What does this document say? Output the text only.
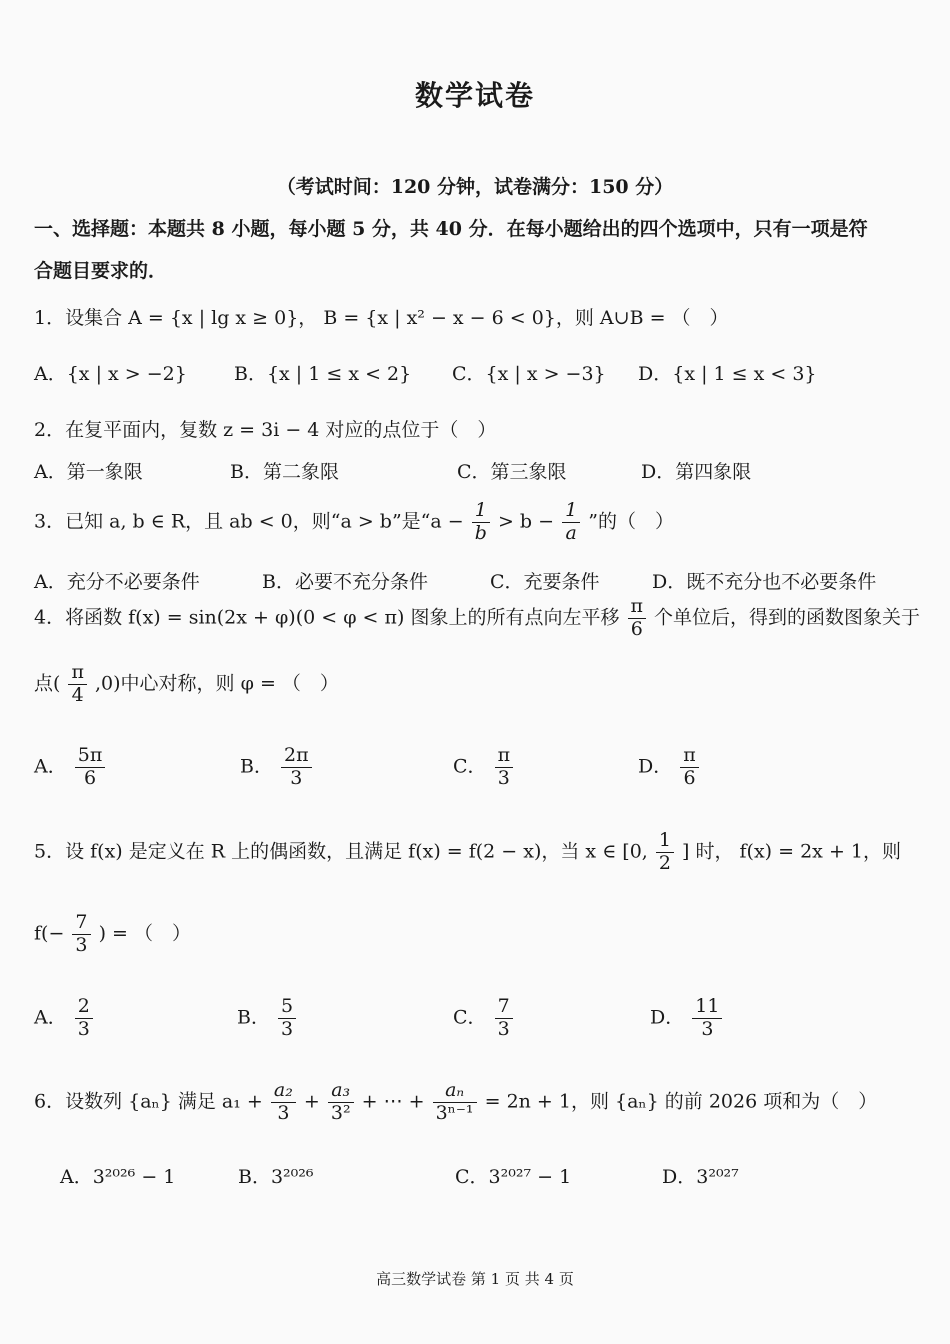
数学试卷
（考试时间：120 分钟，试卷满分：150 分）
一、选择题：本题共 8 小题，每小题 5 分，共 40 分．在每小题给出的四个选项中，只有一项是符
合题目要求的．
1．设集合 A = {x | lg x ≥ 0}， B = {x | x² − x − 6 < 0}，则 A∪B = （　）
A．{x | x > −2} B．{x | 1 ≤ x < 2} C．{x | x > −3} D．{x | 1 ≤ x < 3}
2．在复平面内，复数 z = 3i − 4 对应的点位于（　）
A．第一象限	B．第二象限	C．第三象限	D．第四象限
3．已知 a, b ∈ R，且 ab < 0，则“a > b”是“$a - \frac{1}{b} > b - \frac{1}{a}$ ”的（　）
A．充分不必要条件	B．必要不充分条件	C．充要条件	D．既不充分也不必要条件
4．将函数 f(x) = sin(2x + φ)(0 < φ < π) 图象上的所有点向左平移 $\frac{\pi}{6}$ 个单位后，得到的函数图象关于
点( $\frac{\pi}{4} ,0$)中心对称，则 φ = （　）
A． $\frac{5\pi}{6}$	B． $\frac{2\pi}{3}$	C． $\frac{\pi}{3}$	D． $\frac{\pi}{6}$
5．设 f(x) 是定义在 R 上的偶函数，且满足 f(x) = f(2 − x)，当 x ∈ [0, $\frac{1}{2}$ ] 时， f(x) = 2x + 1，则
$f(- \frac{7}{3}$ ) = （　）
A． $\frac{2}{3}$	B． $\frac{5}{3}$	C． $\frac{7}{3}$	D． $\frac{11}{3}$
6．设数列 {aₙ} 满足 $a_1 + \frac{\text{a₂}}{3} + \frac{\text{a₃}}{\text{3²}}$ + ⋯ + $\frac{\text{aₙ}}{\text{3ⁿ⁻¹}} = 2n + 1$，则 {aₙ} 的前 2026 项和为（　）
A．3²⁰²⁶ − 1	B．3²⁰²⁶	C．3²⁰²⁷ − 1	D．3²⁰²⁷
高三数学试卷 第 1 页 共 4 页
